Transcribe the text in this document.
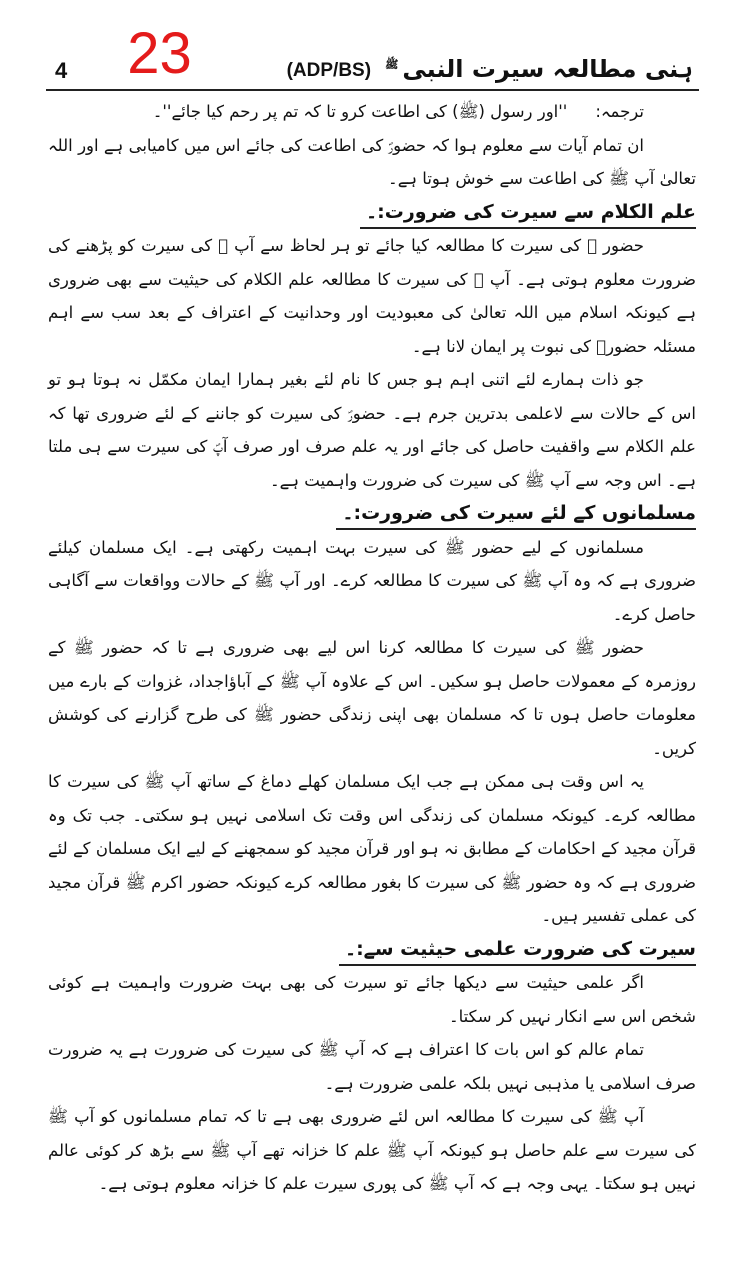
4 23	(ADP/BS)	ہنی مطالعہ سیرت النبی$^ﷺ$

ترجمہ:''اور رسول (ﷺ) کی اطاعت کرو تا کہ تم پر رحم کیا جائے''۔

ان تمام آیات سے معلوم ہوا کہ حضورؐ کی اطاعت کی جائے اس میں کامیابی ہے اور اللہ تعالیٰ آپ ﷺ کی اطاعت سے خوش ہوتا ہے۔

علم الکلام سے سیرت کی ضرورت:۔

حضور ﷺ کی سیرت کا مطالعہ کیا جائے تو ہر لحاظ سے آپ ﷺ کی سیرت کو پڑھنے کی ضرورت معلوم ہوتی ہے۔ آپ ﷺ کی سیرت کا مطالعہ علم الکلام کی حیثیت سے بھی ضروری ہے کیونکہ اسلام میں اللہ تعالیٰ کی معبودیت اور وحدانیت کے اعتراف کے بعد سب سے اہم مسئلہ حضورؐ کی نبوت پر ایمان لانا ہے۔

جو ذات ہمارے لئے اتنی اہم ہو جس کا نام لئے بغیر ہمارا ایمان مکمّل نہ ہوتا ہو تو اس کے حالات سے لاعلمی بدترین جرم ہے۔ حضورؐ کی سیرت کو جاننے کے لئے ضروری تھا کہ علم الکلام سے واقفیت حاصل کی جائے اور یہ علم صرف اور صرف آپؐ کی سیرت سے ہی ملتا ہے۔ اس وجہ سے آپ ﷺ کی سیرت کی ضرورت واہمیت ہے۔

مسلمانوں کے لئے سیرت کی ضرورت:۔

مسلمانوں کے لیے حضور ﷺ کی سیرت بہت اہمیت رکھتی ہے۔ ایک مسلمان کیلئے ضروری ہے کہ وہ آپ ﷺ کی سیرت کا مطالعہ کرے۔ اور آپ ﷺ کے حالات وواقعات سے آگاہی حاصل کرے۔

حضور ﷺ کی سیرت کا مطالعہ کرنا اس لیے بھی ضروری ہے تا کہ حضور ﷺ کے روزمرہ کے معمولات حاصل ہو سکیں۔ اس کے علاوہ آپ ﷺ کے آباؤاجداد، غزوات کے بارے میں معلومات حاصل ہوں تا کہ مسلمان بھی اپنی زندگی حضور ﷺ کی طرح گزارنے کی کوشش کریں۔

یہ اس وقت ہی ممکن ہے جب ایک مسلمان کھلے دماغ کے ساتھ آپ ﷺ کی سیرت کا مطالعہ کرے۔ کیونکہ مسلمان کی زندگی اس وقت تک اسلامی نہیں ہو سکتی۔ جب تک وہ قرآن مجید کے احکامات کے مطابق نہ ہو اور قرآن مجید کو سمجھنے کے لیے ایک مسلمان کے لئے ضروری ہے کہ وہ حضور ﷺ کی سیرت کا بغور مطالعہ کرے کیونکہ حضور اکرم ﷺ قرآن مجید کی عملی تفسیر ہیں۔

سیرت کی ضرورت علمی حیثیت سے:۔

اگر علمی حیثیت سے دیکھا جائے تو سیرت کی بھی بہت ضرورت واہمیت ہے کوئی شخص اس سے انکار نہیں کر سکتا۔

تمام عالم کو اس بات کا اعتراف ہے کہ آپ ﷺ کی سیرت کی ضرورت ہے یہ ضرورت صرف اسلامی یا مذہبی نہیں بلکہ علمی ضرورت ہے۔

آپ ﷺ کی سیرت کا مطالعہ اس لئے ضروری بھی ہے تا کہ تمام مسلمانوں کو آپ ﷺ کی سیرت سے علم حاصل ہو کیونکہ آپ ﷺ علم کا خزانہ تھے آپ ﷺ سے بڑھ کر کوئی عالم نہیں ہو سکتا۔ یہی وجہ ہے کہ آپ ﷺ کی پوری سیرت علم کا خزانہ معلوم ہوتی ہے۔
